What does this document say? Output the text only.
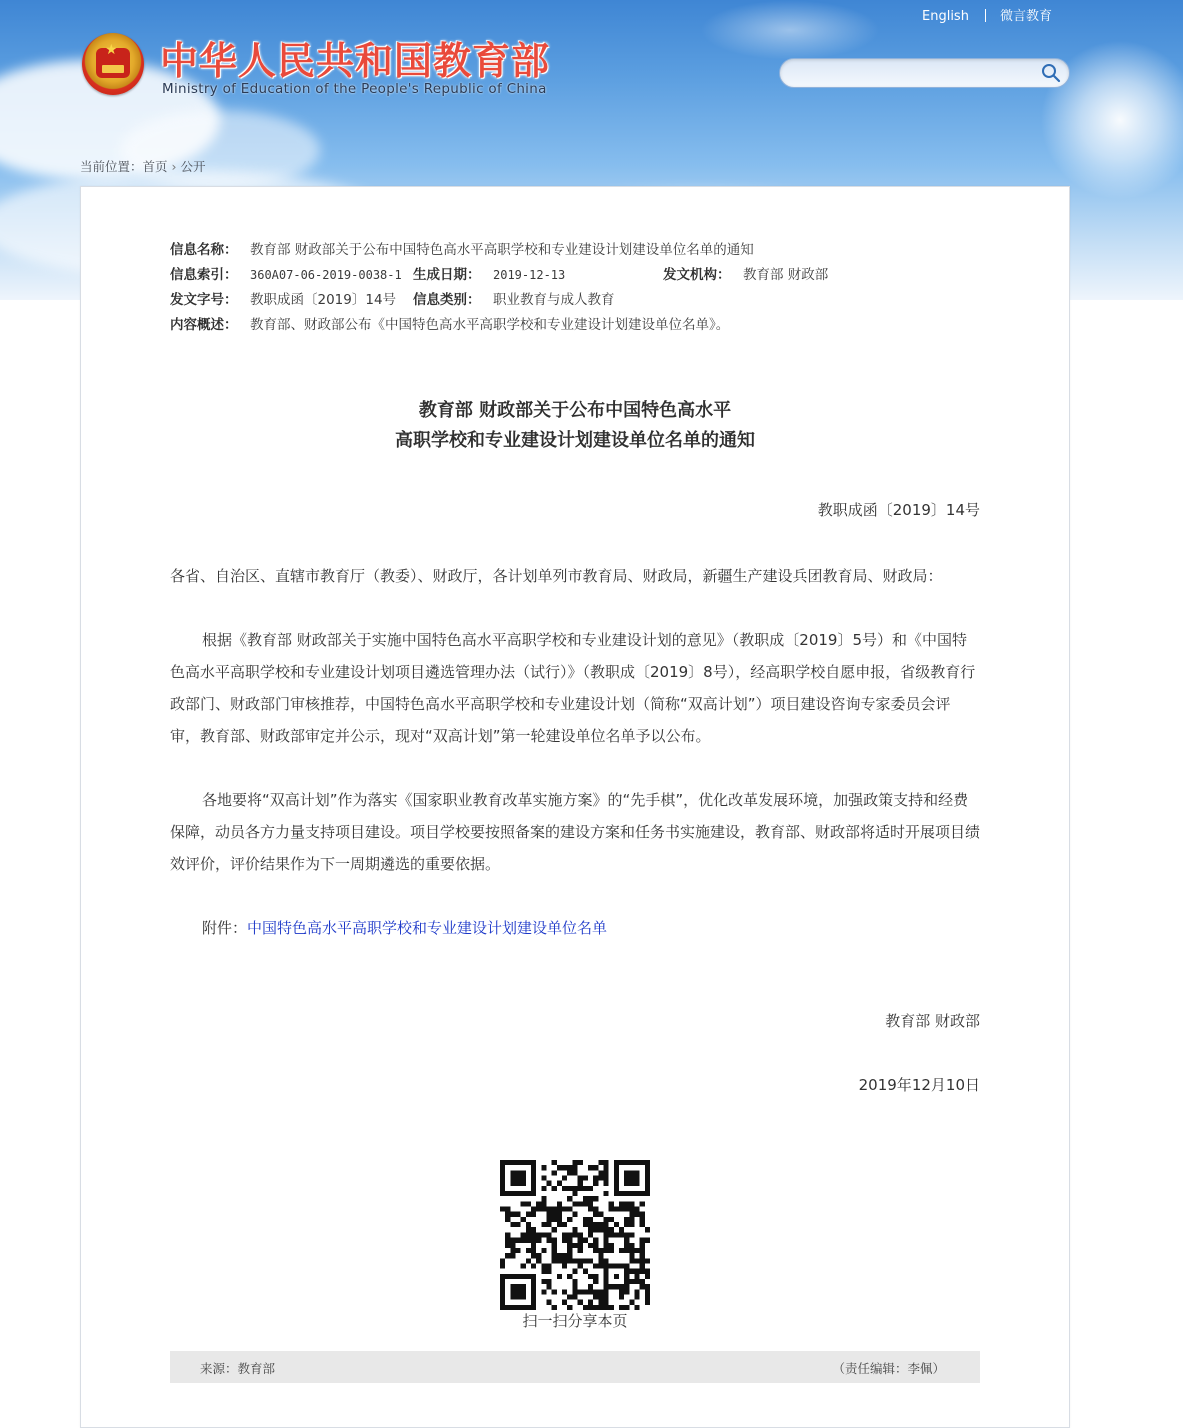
★ 中华人民共和国教育部
Ministry of Education of the People's Republic of China
English 微言教育
当前位置：首页 › 公开
信息名称： 教育部 财政部关于公布中国特色高水平高职学校和专业建设计划建设单位名单的通知
信息索引： 360A07-06-2019-0038-1 生成日期： 2019-12-13	发文机构： 教育部 财政部
发文字号： 教职成函〔2019〕14号 信息类别： 职业教育与成人教育
内容概述： 教育部、财政部公布《中国特色高水平高职学校和专业建设计划建设单位名单》。
教育部 财政部关于公布中国特色高水平
高职学校和专业建设计划建设单位名单的通知
教职成函〔2019〕14号

各省、自治区、直辖市教育厅（教委）、财政厅，各计划单列市教育局、财政局，新疆生产建设兵团教育局、财政局：

根据《教育部 财政部关于实施中国特色高水平高职学校和专业建设计划的意见》（教职成〔2019〕5号）和《中国特色高水平高职学校和专业建设计划项目遴选管理办法（试行）》（教职成〔2019〕8号），经高职学校自愿申报，省级教育行政部门、财政部门审核推荐，中国特色高水平高职学校和专业建设计划（简称“双高计划”）项目建设咨询专家委员会评审，教育部、财政部审定并公示，现对“双高计划”第一轮建设单位名单予以公布。

各地要将“双高计划”作为落实《国家职业教育改革实施方案》的“先手棋”，优化改革发展环境，加强政策支持和经费保障，动员各方力量支持项目建设。项目学校要按照备案的建设方案和任务书实施建设，教育部、财政部将适时开展项目绩效评价，评价结果作为下一周期遴选的重要依据。

附件：中国特色高水平高职学校和专业建设计划建设单位名单

教育部 财政部
2019年12月10日
扫一扫分享本页
来源：教育部	（责任编辑：李佩）
